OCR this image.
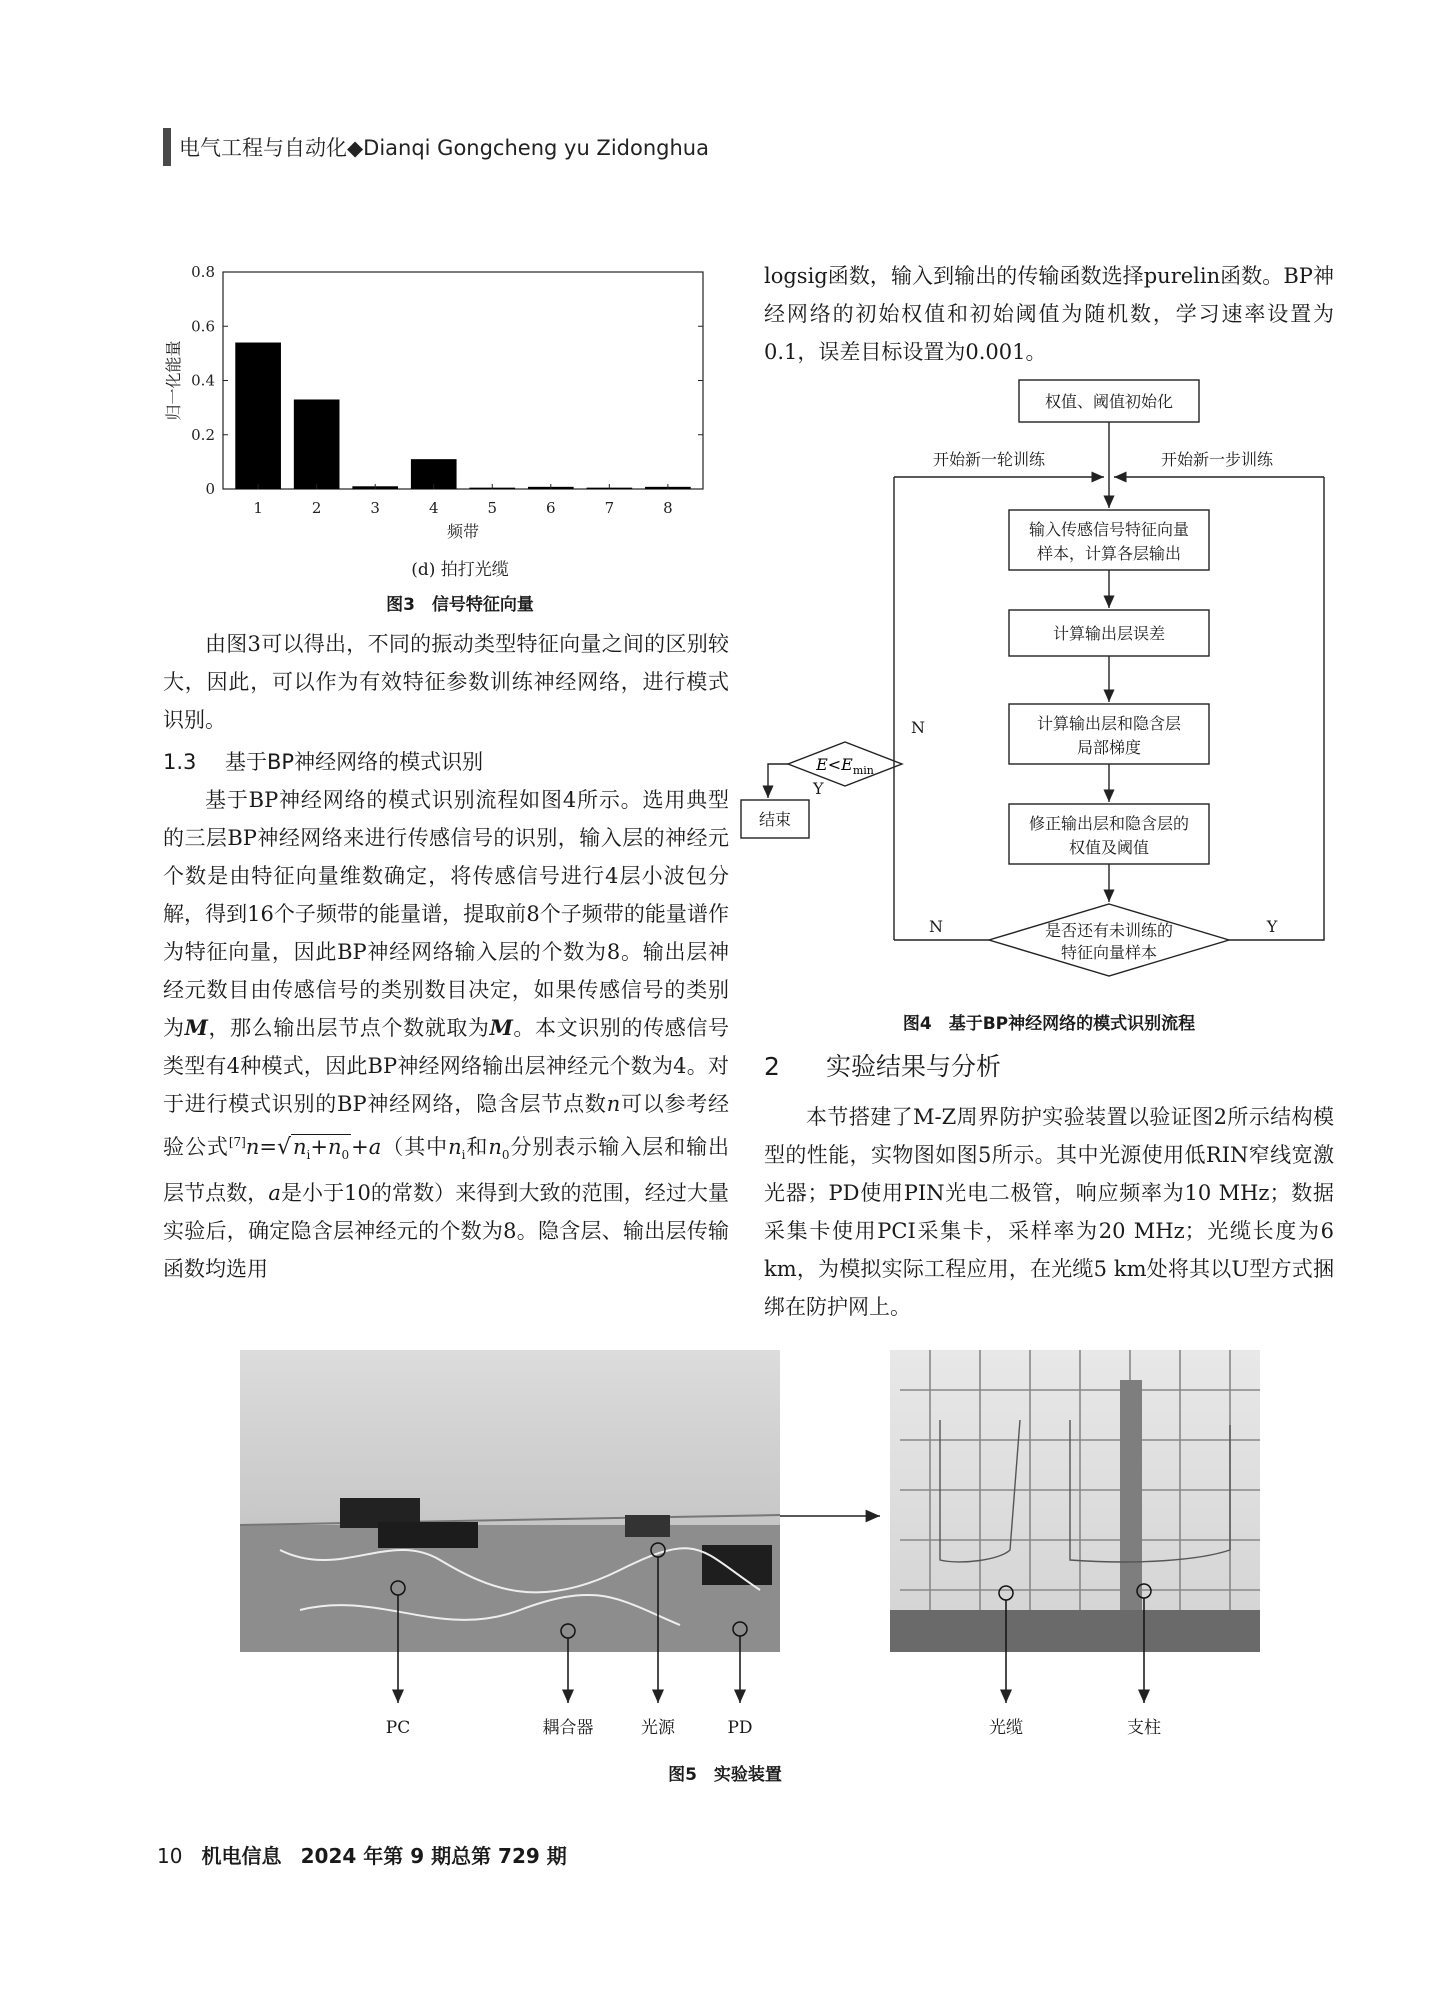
电气工程与自动化◆Dianqi Gongcheng yu Zidonghua
0
0.2
0.4
0.6
0.8
1	2	3	4	5	6	7	8
频带
归一化能量
(d) 拍打光缆
图3　信号特征向量

由图3可以得出，不同的振动类型特征向量之间的区别较大，因此，可以作为有效特征参数训练神经网络，进行模式识别。

1.3 基于BP神经网络的模式识别

基于BP神经网络的模式识别流程如图4所示。选用典型的三层BP神经网络来进行传感信号的识别，输入层的神经元个数是由特征向量维数确定，将传感信号进行4层小波包分解，得到16个子频带的能量谱，提取前8个子频带的能量谱作为特征向量，因此BP神经网络输入层的个数为8。输出层神经元数目由传感信号的类别数目决定，如果传感信号的类别为M，那么输出层节点个数就取为M。本文识别的传感信号类型有4种模式，因此BP神经网络输出层神经元个数为4。对于进行模式识别的BP神经网络，隐含层节点数n可以参考经验公式$[7]n=√n_i+n_0+a$（其中$n_i$和$n_0$分别表示输入层和输出层节点数，a是小于10的常数）来得到大致的范围，经过大量实验后，确定隐含层神经元的个数为8。隐含层、输出层传输函数均选用

logsig函数，输入到输出的传输函数选择purelin函数。BP神经网络的初始权值和初始阈值为随机数，学习速率设置为0.1，误差目标设置为0.001。

权值、阈值初始化
开始新一轮训练	开始新一步训练
输入传感信号特征向量
样本，计算各层输出
计算输出层误差
计算输出层和隐含层
局部梯度
修正输出层和隐含层的
权值及阈值
是否还有未训练的
特征向量样本
Y
N
$E<E_{min}$
N
Y
结束
图4　基于BP神经网络的模式识别流程
2 实验结果与分析

本节搭建了M-Z周界防护实验装置以验证图2所示结构模型的性能，实物图如图5所示。其中光源使用低RIN窄线宽激光器；PD使用PIN光电二极管，响应频率为10 MHz；数据采集卡使用PCI采集卡，采样率为20 MHz；光缆长度为6 km，为模拟实际工程应用，在光缆5 km处将其以U型方式捆绑在防护网上。

PC	耦合器	光源	PD	光缆	支柱
图5　实验装置
10 机电信息 2024 年第 9 期总第 729 期
